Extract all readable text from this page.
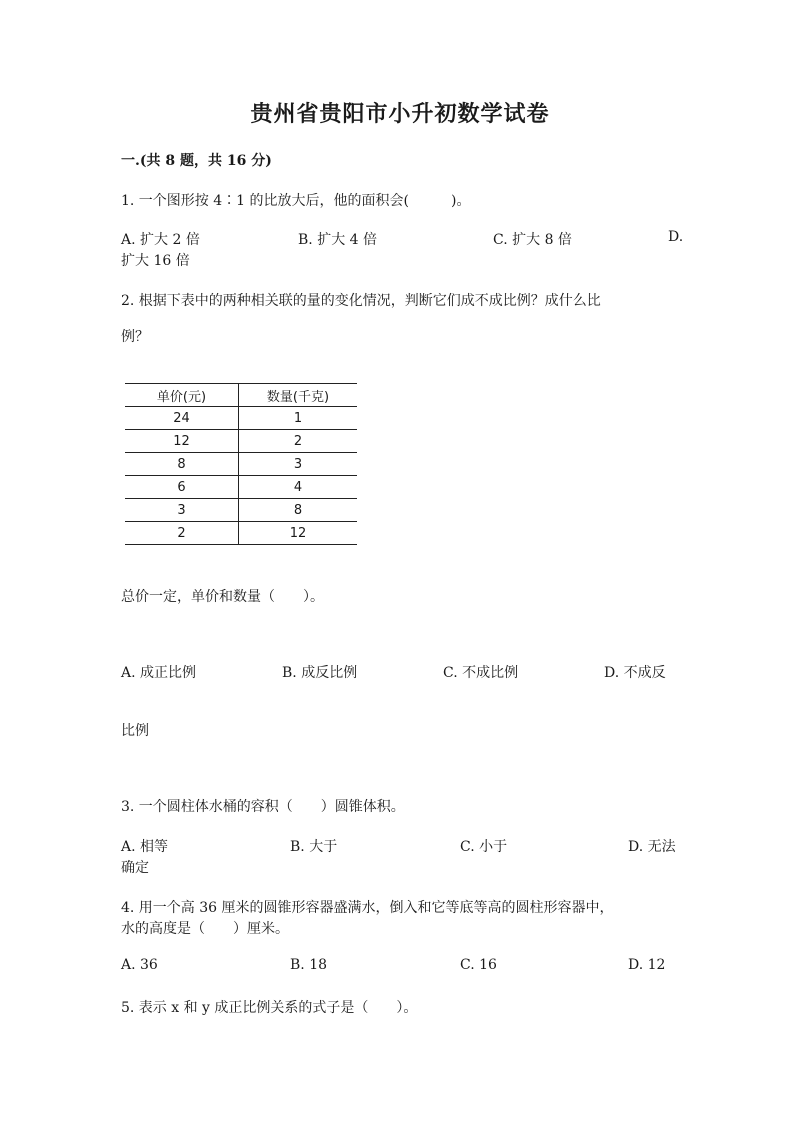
贵州省贵阳市小升初数学试卷
一.(共 8 题，共 16 分)
1. 一个图形按 4∶1 的比放大后，他的面积会(　　　)。
A. 扩大 2 倍	B. 扩大 4 倍	C. 扩大 8 倍	D.
扩大 16 倍
2. 根据下表中的两种相关联的量的变化情况，判断它们成不成比例？成什么比
例？
单价(元)	数量(千克)
24	1
12	2
8	3
6	4
3	8
2	12
总价一定，单价和数量（　　）。
A. 成正比例	B. 成反比例	C. 不成比例	D. 不成反
比例
3. 一个圆柱体水桶的容积（　　）圆锥体积。
A. 相等	B. 大于	C. 小于	D. 无法
确定
4. 用一个高 36 厘米的圆锥形容器盛满水，倒入和它等底等高的圆柱形容器中，
水的高度是（　　）厘米。
A. 36	B. 18	C. 16	D. 12
5. 表示 x 和 y 成正比例关系的式子是（　　）。
